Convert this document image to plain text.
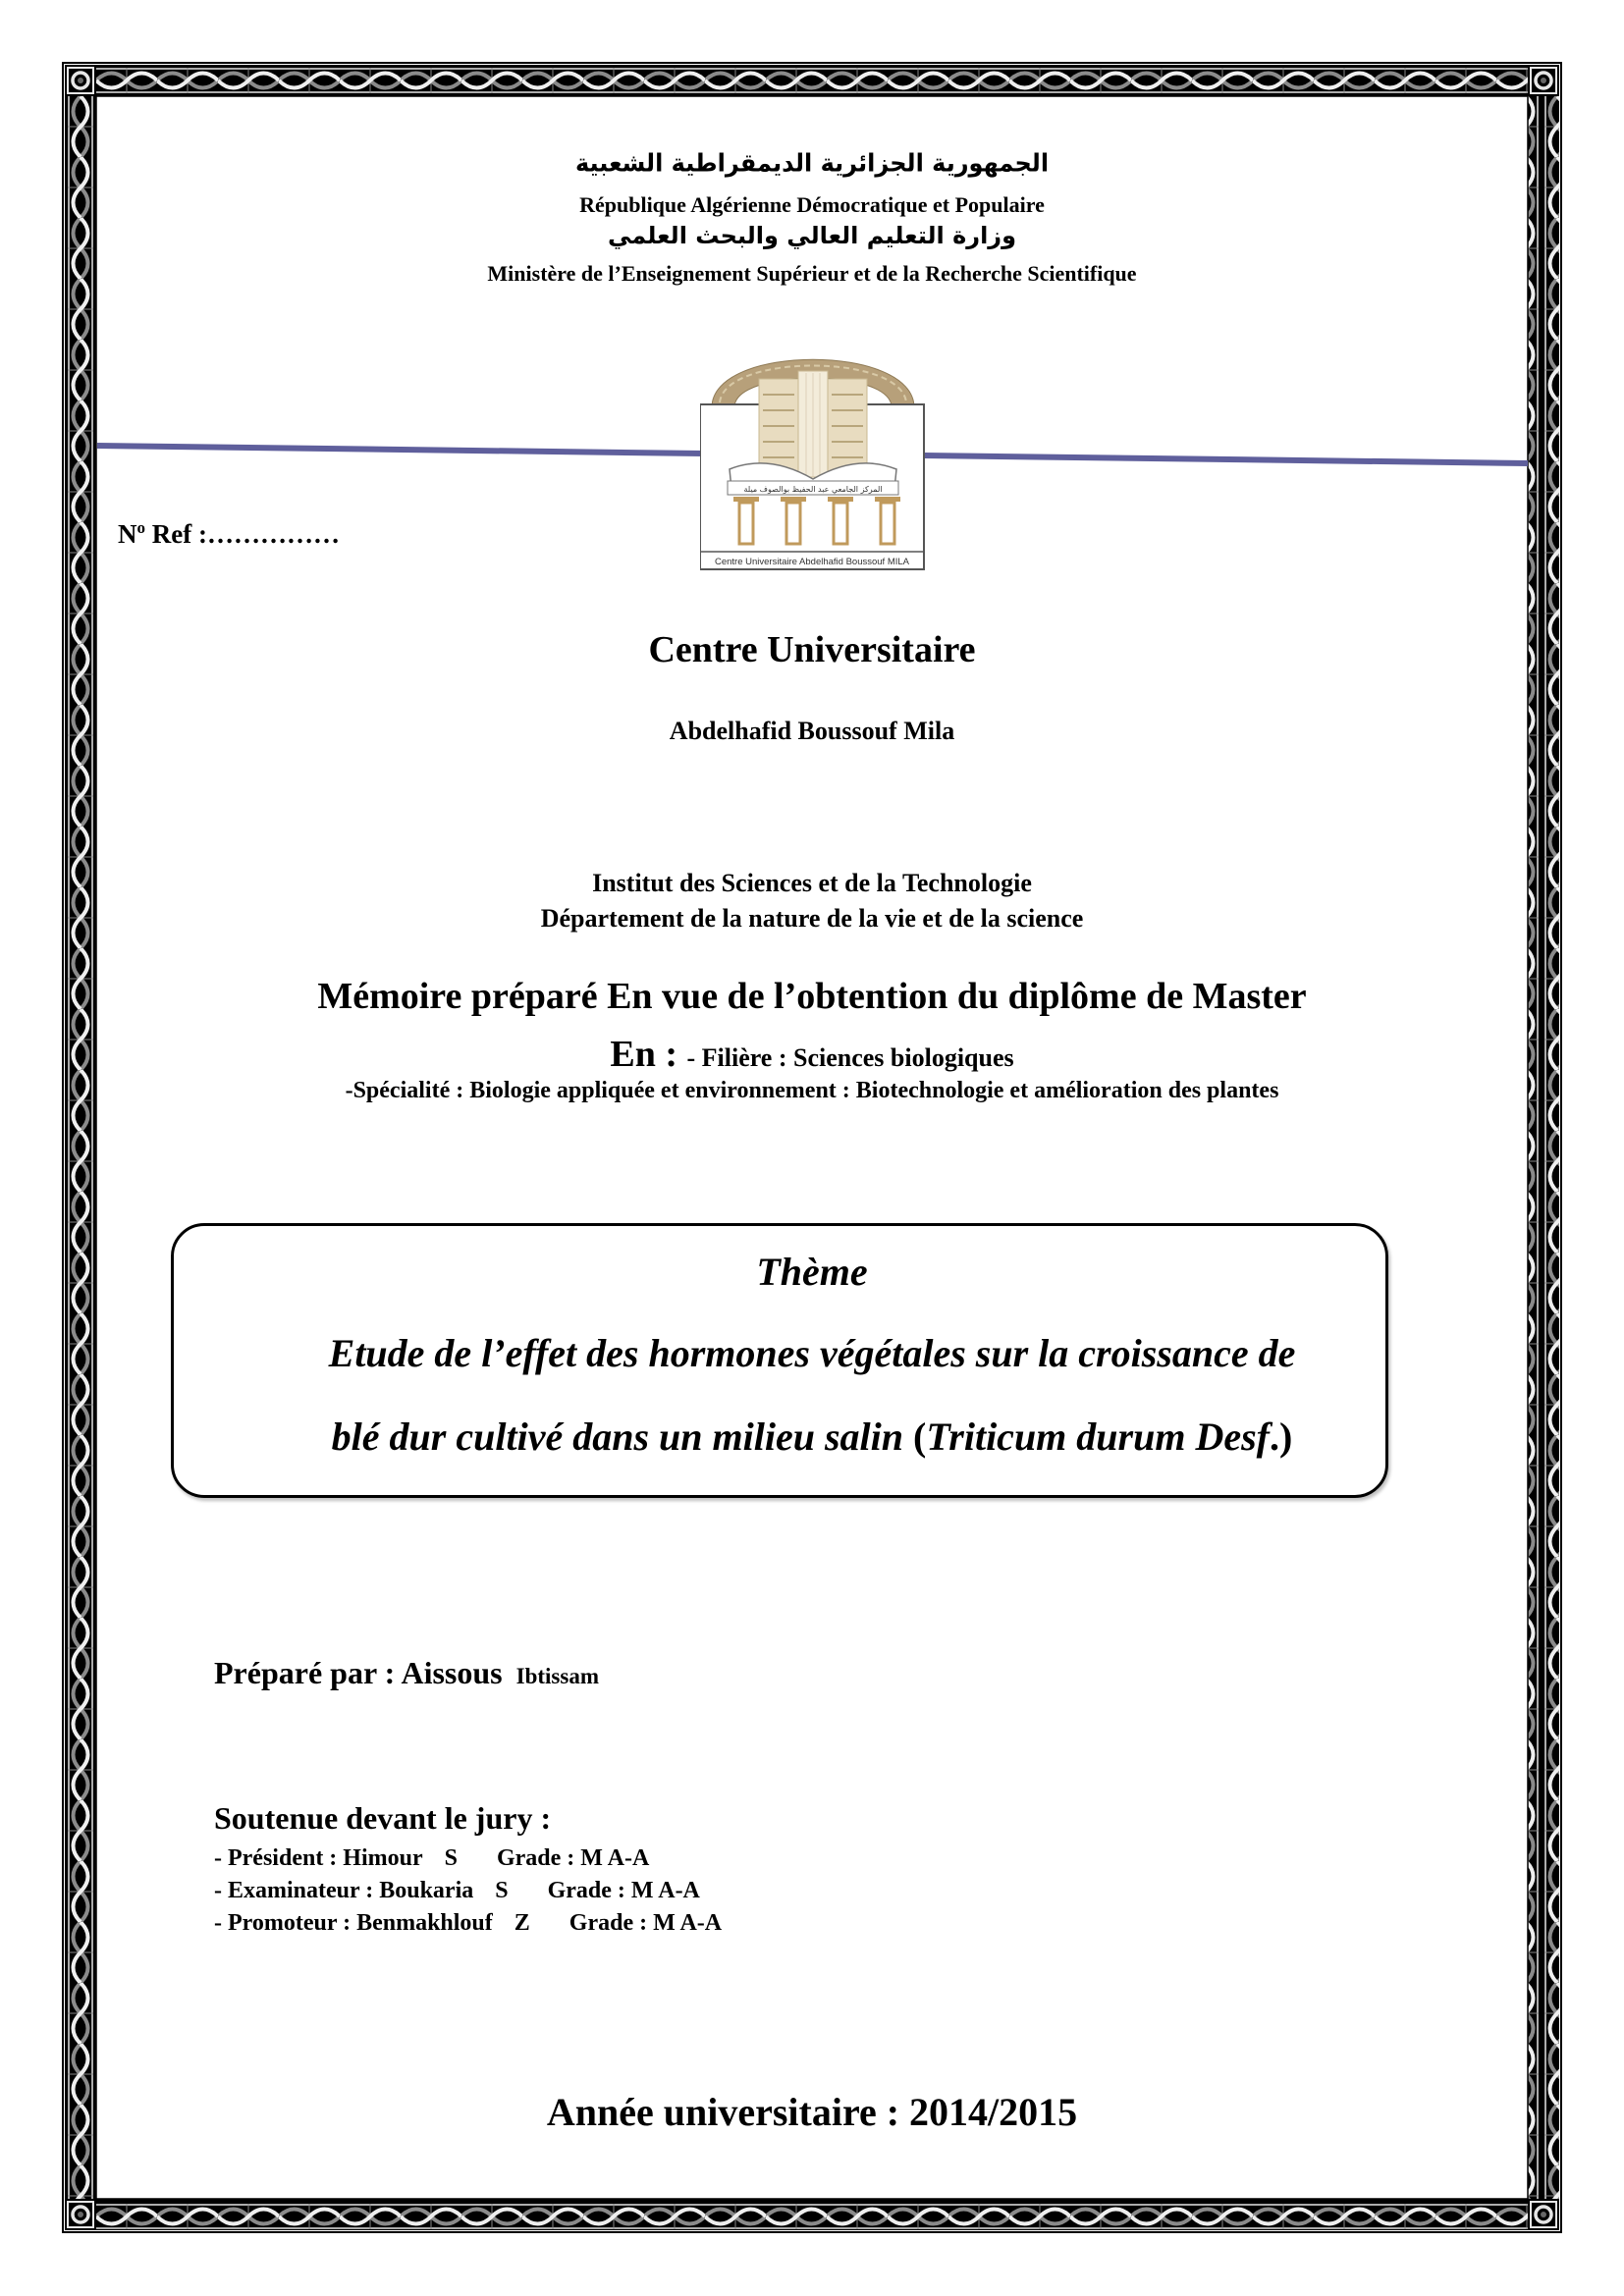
الجمهورية الجزائرية الديمقراطية الشعبية
République Algérienne Démocratique et Populaire
وزارة التعليم العالي والبحث العلمي
Ministère de l’Enseignement Supérieur et de la Recherche Scientifique
المركز الجامعي عبد الحفيظ بوالصوف ميلة
Centre Universitaire Abdelhafid Boussouf MILA
$N^o$ Ref :……………
Centre Universitaire
Abdelhafid Boussouf Mila
Institut des Sciences et de la Technologie
Département de la nature de la vie et de la science
Mémoire préparé En vue de l’obtention du diplôme de Master
En : - Filière : Sciences biologiques
-Spécialité : Biologie appliquée et environnement : Biotechnologie et amélioration des plantes
Thème
Etude de l’effet des hormones végétales sur la croissance de
blé dur cultivé dans un milieu salin (Triticum durum Desf.)
Préparé par : Aissous Ibtissam
Soutenue devant le jury :
- Président : Himour S Grade : M A-A
- Examinateur : Boukaria S Grade : M A-A
- Promoteur : Benmakhlouf Z Grade : M A-A
Année universitaire : 2014/2015
